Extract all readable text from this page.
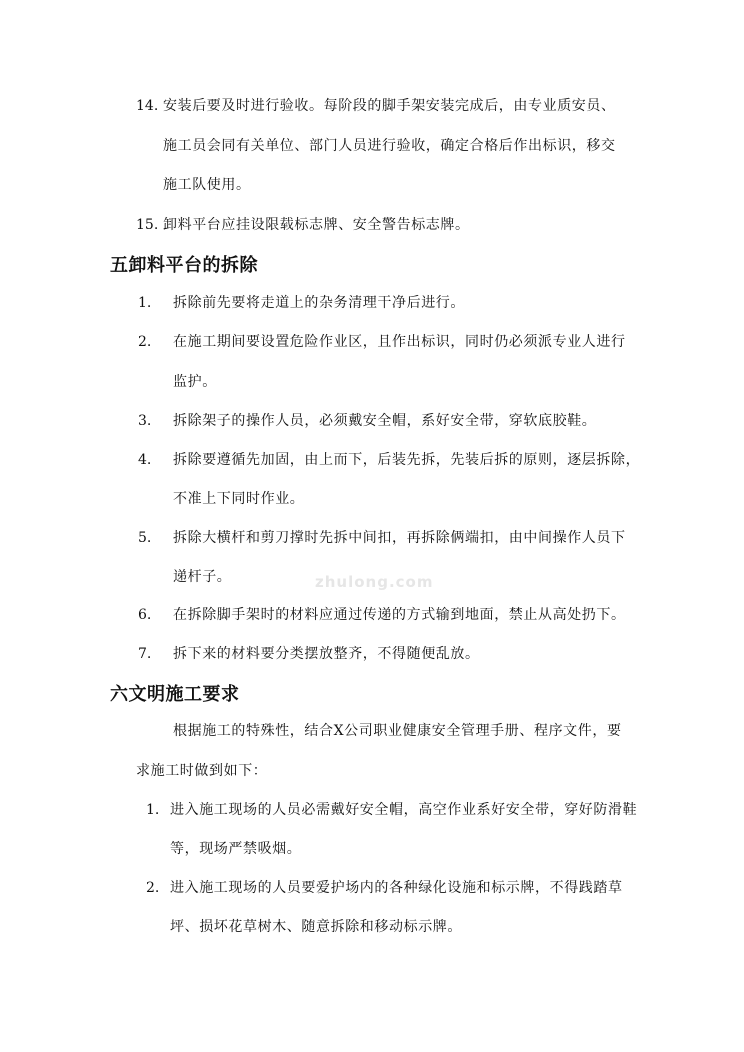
zhulong.com
14. 安装后要及时进行验收。每阶段的脚手架安装完成后，由专业质安员、
施工员会同有关单位、部门人员进行验收，确定合格后作出标识，移交
施工队使用。
15. 卸料平台应挂设限载标志牌、安全警告标志牌。
五卸料平台的拆除
1. 拆除前先要将走道上的杂务清理干净后进行。
2. 在施工期间要设置危险作业区，且作出标识，同时仍必须派专业人进行
监护。
3. 拆除架子的操作人员，必须戴安全帽，系好安全带，穿软底胶鞋。
4. 拆除要遵循先加固，由上而下，后装先拆，先装后拆的原则，逐层拆除，
不准上下同时作业。
5. 拆除大横杆和剪刀撑时先拆中间扣，再拆除俩端扣，由中间操作人员下
递杆子。
6. 在拆除脚手架时的材料应通过传递的方式输到地面，禁止从高处扔下。
7. 拆下来的材料要分类摆放整齐，不得随便乱放。
六文明施工要求
根据施工的特殊性，结合X公司职业健康安全管理手册、程序文件，要
求施工时做到如下：
1. 进入施工现场的人员必需戴好安全帽，高空作业系好安全带，穿好防滑鞋
等，现场严禁吸烟。
2. 进入施工现场的人员要爱护场内的各种绿化设施和标示牌，不得践踏草
坪、损坏花草树木、随意拆除和移动标示牌。
